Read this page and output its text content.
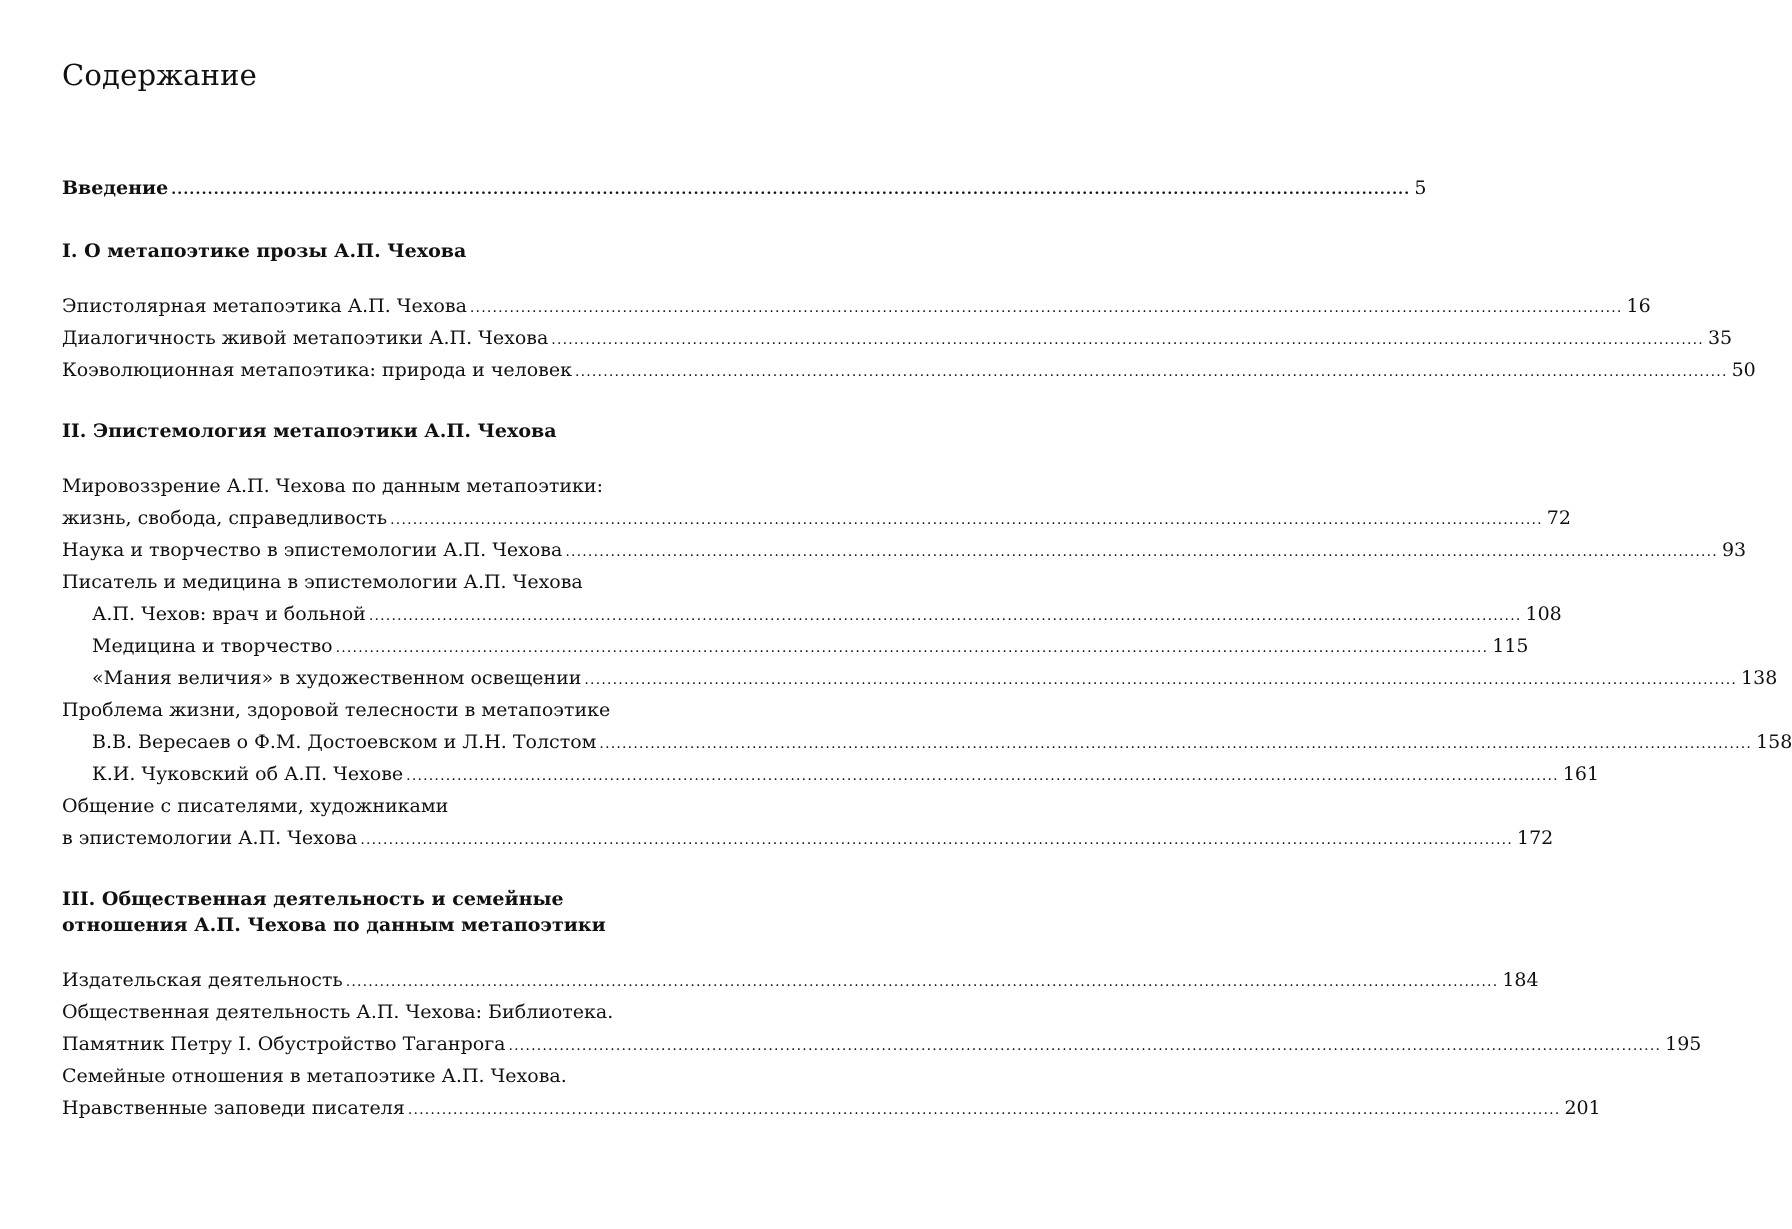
Содержание
Введение ............................................................................................................................................................................................................ 5
I. О метапоэтике прозы А.П. Чехова
Эпистолярная метапоэтика А.П. Чехова ............................................................................................................................................................................................................ 16
Диалогичность живой метапоэтики А.П. Чехова ............................................................................................................................................................................................................ 35
Коэволюционная метапоэтика: природа и человек ............................................................................................................................................................................................................ 50
II. Эпистемология метапоэтики А.П. Чехова
Мировоззрение А.П. Чехова по данным метапоэтики:
жизнь, свобода, справедливость ............................................................................................................................................................................................................ 72
Наука и творчество в эпистемологии А.П. Чехова ............................................................................................................................................................................................................ 93
Писатель и медицина в эпистемологии А.П. Чехова
А.П. Чехов: врач и больной ............................................................................................................................................................................................................ 108
Медицина и творчество ............................................................................................................................................................................................................ 115
«Мания величия» в художественном освещении ............................................................................................................................................................................................................ 138
Проблема жизни, здоровой телесности в метапоэтике
В.В. Вересаев о Ф.М. Достоевском и Л.Н. Толстом ............................................................................................................................................................................................................ 158
К.И. Чуковский об А.П. Чехове ............................................................................................................................................................................................................ 161
Общение с писателями, художниками
в эпистемологии А.П. Чехова ............................................................................................................................................................................................................ 172
III. Общественная деятельность и семейные
отношения А.П. Чехова по данным метапоэтики
Издательская деятельность ............................................................................................................................................................................................................ 184
Общественная деятельность А.П. Чехова: Библиотека.
Памятник Петру I. Обустройство Таганрога ............................................................................................................................................................................................................ 195
Семейные отношения в метапоэтике А.П. Чехова.
Нравственные заповеди писателя ............................................................................................................................................................................................................ 201
